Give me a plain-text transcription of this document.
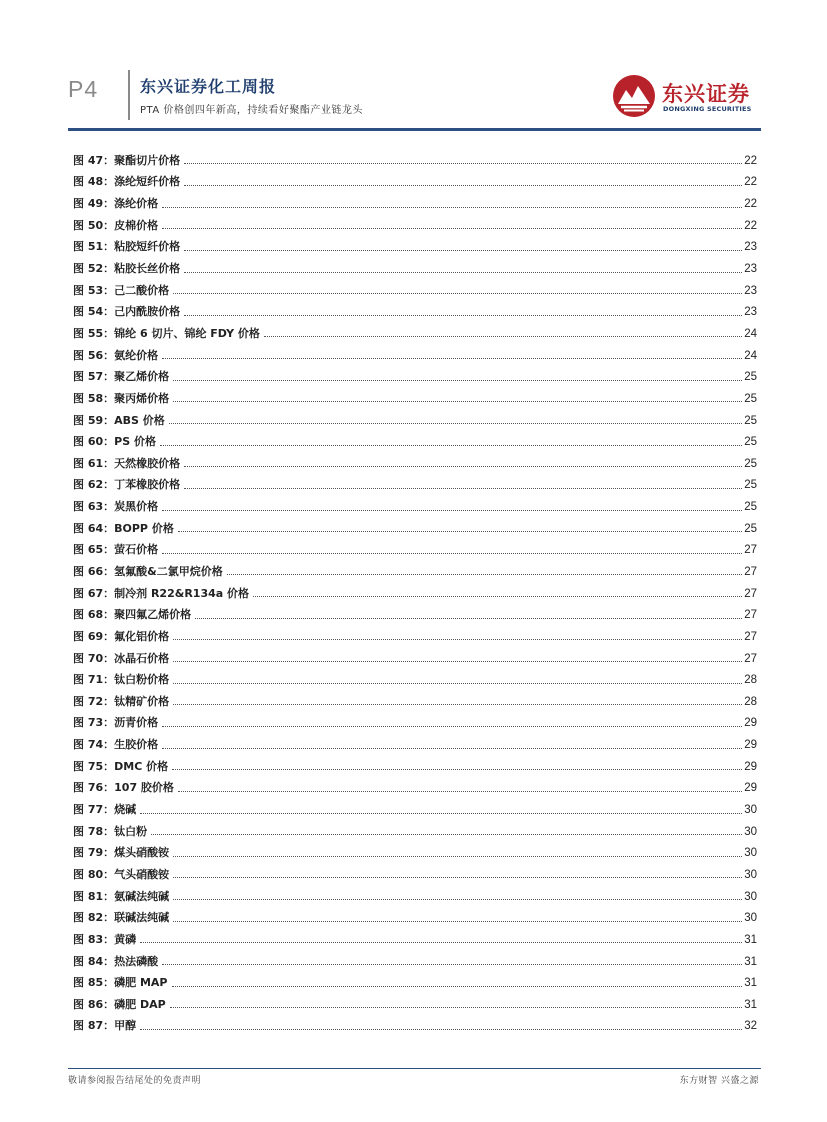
P4	东兴证券化工周报
PTA 价格创四年新高，持续看好聚酯产业链龙头
东兴证券
DONGXING SECURITIES
图 47：聚酯切片价格	22
图 48：涤纶短纤价格	22
图 49：涤纶价格	22
图 50：皮棉价格	22
图 51：粘胶短纤价格	23
图 52：粘胶长丝价格	23
图 53：己二酸价格	23
图 54：己内酰胺价格	23
图 55：锦纶 6 切片、锦纶 FDY 价格	24
图 56：氨纶价格	24
图 57：聚乙烯价格	25
图 58：聚丙烯价格	25
图 59：ABS 价格	25
图 60：PS 价格	25
图 61：天然橡胶价格	25
图 62：丁苯橡胶价格	25
图 63：炭黑价格	25
图 64：BOPP 价格	25
图 65：萤石价格	27
图 66：氢氟酸&二氯甲烷价格	27
图 67：制冷剂 R22&R134a 价格	27
图 68：聚四氟乙烯价格	27
图 69：氟化铝价格	27
图 70：冰晶石价格	27
图 71：钛白粉价格	28
图 72：钛精矿价格	28
图 73：沥青价格	29
图 74：生胶价格	29
图 75：DMC 价格	29
图 76：107 胶价格	29
图 77：烧碱	30
图 78：钛白粉	30
图 79：煤头硝酸铵	30
图 80：气头硝酸铵	30
图 81：氨碱法纯碱	30
图 82：联碱法纯碱	30
图 83：黄磷	31
图 84：热法磷酸	31
图 85：磷肥 MAP	31
图 86：磷肥 DAP	31
图 87：甲醇	32
敬请参阅报告结尾处的免责声明	东方财智 兴盛之源
